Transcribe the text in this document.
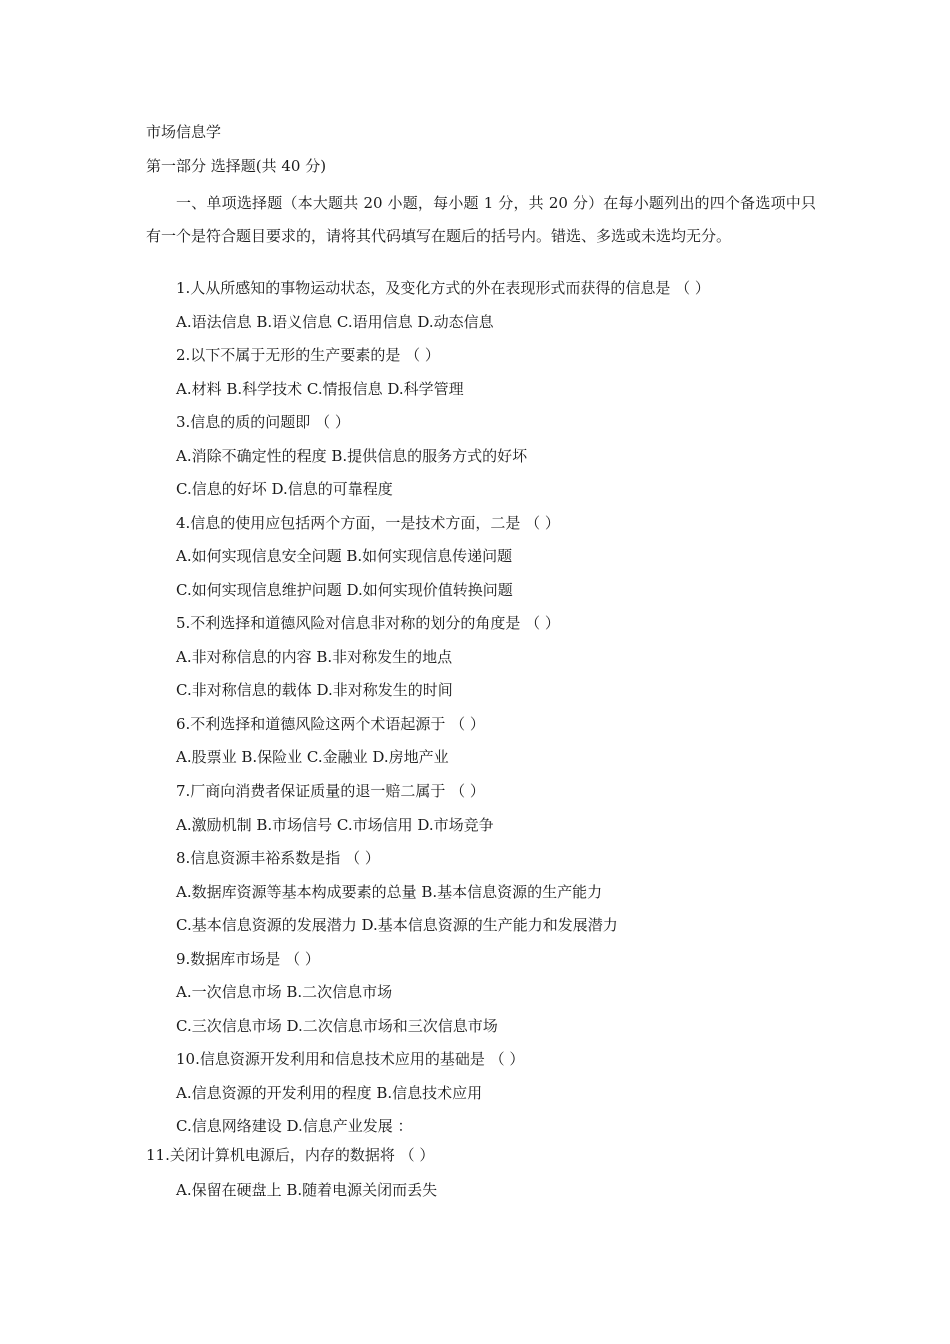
市场信息学
第一部分 选择题(共 40 分)
一、单项选择题（本大题共 20 小题，每小题 1 分，共 20 分）在每小题列出的四个备选项中只有一个是符合题目要求的，请将其代码填写在题后的括号内。错选、多选或未选均无分。
1.人从所感知的事物运动状态，及变化方式的外在表现形式而获得的信息是 （ ）
A.语法信息 B.语义信息 C.语用信息 D.动态信息
2.以下不属于无形的生产要素的是 （ ）
A.材料 B.科学技术 C.情报信息 D.科学管理
3.信息的质的问题即 （ ）
A.消除不确定性的程度 B.提供信息的服务方式的好坏
C.信息的好坏 D.信息的可靠程度
4.信息的使用应包括两个方面，一是技术方面，二是 （ ）
A.如何实现信息安全问题 B.如何实现信息传递问题
C.如何实现信息维护问题 D.如何实现价值转换问题
5.不利选择和道德风险对信息非对称的划分的角度是 （ ）
A.非对称信息的内容 B.非对称发生的地点
C.非对称信息的载体 D.非对称发生的时间
6.不利选择和道德风险这两个术语起源于 （ ）
A.股票业 B.保险业 C.金融业 D.房地产业
7.厂商向消费者保证质量的退一赔二属于 （ ）
A.激励机制 B.市场信号 C.市场信用 D.市场竞争
8.信息资源丰裕系数是指 （ ）
A.数据库资源等基本构成要素的总量 B.基本信息资源的生产能力
C.基本信息资源的发展潜力 D.基本信息资源的生产能力和发展潜力
9.数据库市场是 （ ）
A.一次信息市场 B.二次信息市场
C.三次信息市场 D.二次信息市场和三次信息市场
10.信息资源开发利用和信息技术应用的基础是 （ ）
A.信息资源的开发利用的程度 B.信息技术应用
C.信息网络建设 D.信息产业发展 ：
11.关闭计算机电源后，内存的数据将 （ ）
A.保留在硬盘上 B.随着电源关闭而丢失
